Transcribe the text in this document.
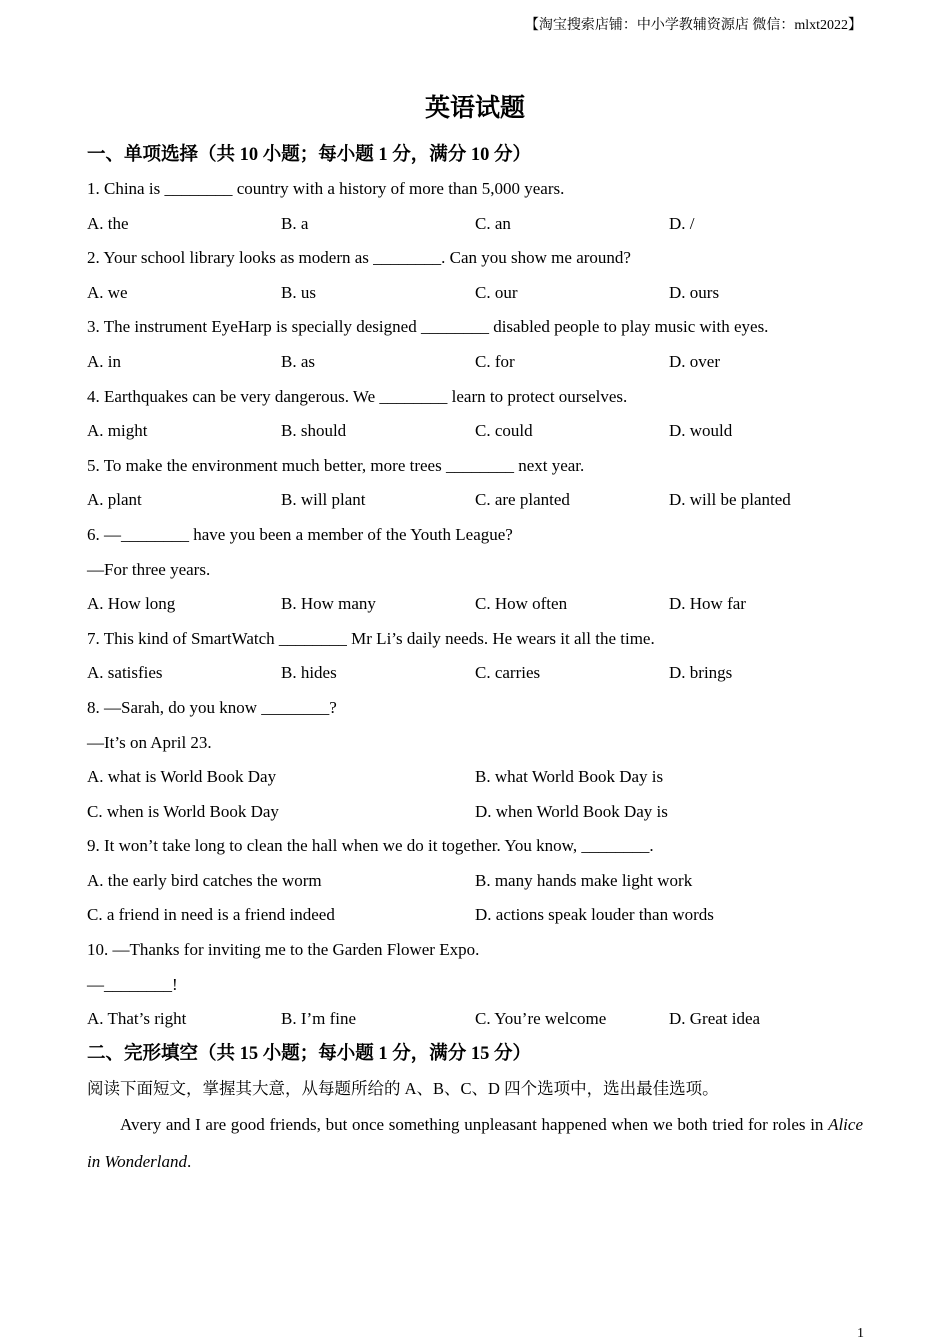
【淘宝搜索店铺：中小学教辅资源店 微信：mlxt2022】
英语试题
一、单项选择（共 10 小题；每小题 1 分，满分 10 分）
1. China is ________ country with a history of more than 5,000 years.
A. the	B. a	C. an	D. /
2. Your school library looks as modern as ________. Can you show me around?
A. we	B. us	C. our	D. ours
3. The instrument EyeHarp is specially designed ________ disabled people to play music with eyes.
A. in	B. as	C. for	D. over
4. Earthquakes can be very dangerous. We ________ learn to protect ourselves.
A. might	B. should	C. could	D. would
5. To make the environment much better, more trees ________ next year.
A. plant	B. will plant	C. are planted	D. will be planted
6. —________ have you been a member of the Youth League?
—For three years.
A. How long	B. How many	C. How often	D. How far
7. This kind of SmartWatch ________ Mr Li’s daily needs. He wears it all the time.
A. satisfies	B. hides	C. carries	D. brings
8. —Sarah, do you know ________?
—It’s on April 23.
A. what is World Book Day	B. what World Book Day is
C. when is World Book Day	D. when World Book Day is
9. It won’t take long to clean the hall when we do it together. You know, ________.
A. the early bird catches the worm	B. many hands make light work
C. a friend in need is a friend indeed	D. actions speak louder than words
10. —Thanks for inviting me to the Garden Flower Expo.
—________!
A. That’s right	B. I’m fine	C. You’re welcome	D. Great idea
二、完形填空（共 15 小题；每小题 1 分，满分 15 分）
阅读下面短文，掌握其大意，从每题所给的 A、B、C、D 四个选项中，选出最佳选项。

Avery and I are good friends, but once something unpleasant happened when we both tried for roles in Alice in Wonderland.

1
